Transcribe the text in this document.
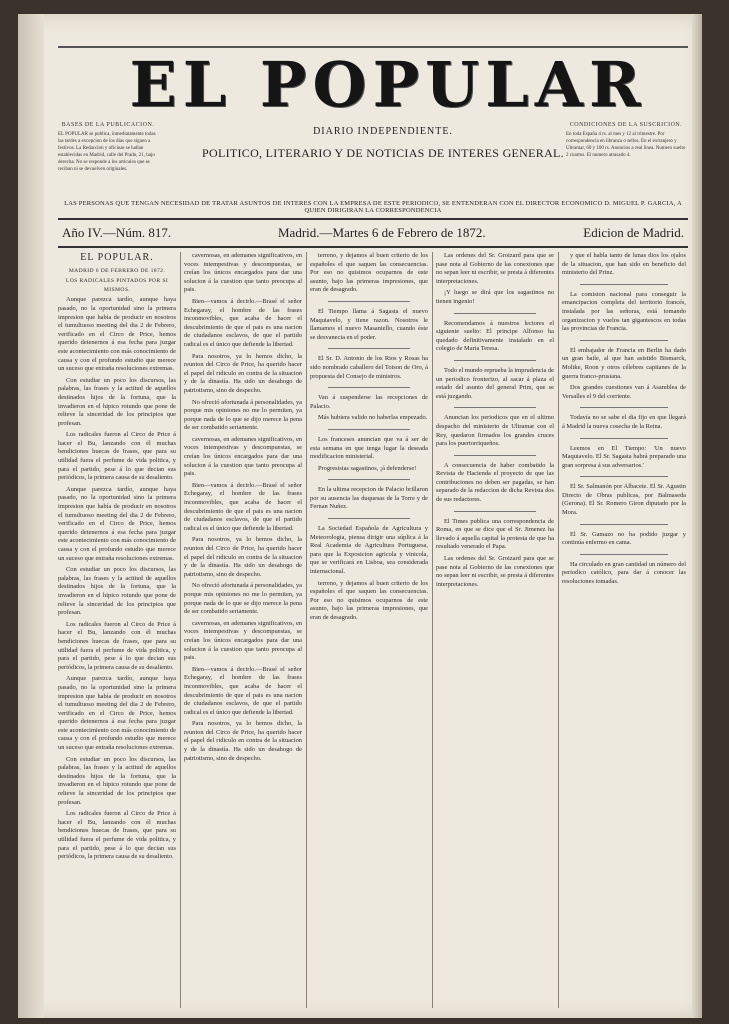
EL POPULAR
DIARIO INDEPENDIENTE.
POLITICO, LITERARIO Y DE NOTICIAS DE INTERES GENERAL.
BASES DE LA PUBLICACION.
EL POPULAR se publica, inmediatamente todas las tardes a excepcion de los dias que siguen a festivos. La Redaccion y oficinas se hallan establecidas en Madrid, calle del Prado, 21, bajo derecha. No se responde a los articulos que se reciban ni se devuelven originales.
CONDICIONES DE LA SUSCRICION.
En toda España 4 rs. al mes y 12 al trimestre. Por correspondencia en libranza o sellos. En el extranjero y Ultramar, 60 y 100 rs. Anuncios a real linea. Numero suelto 2 cuartos. El numero atrasado 4.
LAS PERSONAS QUE TENGAN NECESIDAD DE TRATAR ASUNTOS DE INTERES CON LA EMPRESA DE ESTE PERIODICO, SE ENTENDERAN CON EL DIRECTOR ECONOMICO D. MIGUEL P. GARCIA, A QUIEN DIRIGIRAN LA CORRESPONDENCIA
Año IV.—Núm. 817.	Madrid.—Martes 6 de Febrero de 1872.	Edicion de Madrid.
EL POPULAR.

MADRID 6 DE FEBRERO DE 1872.

LOS RADICALES PINTADOS POR SI MISMOS.

Aunque parezca tardío, aunque haya pasado, no la oportunidad sino la primera impresion que había de producir en nosotros el tumultuoso meeting del dia 2 de Febrero, verificado en el Circo de Price, hemos querido detenernos á esa fecha para juzgar este acontecimiento con más conocimiento de causa y con el profundo estudio que merece un suceso que entraña resoluciones extremas.

Con estudiar un poco los discursos, las palabras, las frases y la actitud de aquellos destinados hijos de la fortuna, que la invadieron en el hipico rotundo que pone de relieve la sinceridad de los principios que profesan.

Los radicales fueron al Circo de Price á hacer el Bu, lanzando con él muchas bendiciones huecas de frases, que para su utilidad fuera el perfume de vida politica, y para el partido, pese á lo que decian sus periódicos, la primera causa de su desaliento.

Aunque parezca tardío, aunque haya pasado, no la oportunidad sino la primera impresion que había de producir en nosotros el tumultuoso meeting del dia 2 de Febrero, verificado en el Circo de Price, hemos querido detenernos á esa fecha para juzgar este acontecimiento con más conocimiento de causa y con el profundo estudio que merece un suceso que entraña resoluciones extremas.

Con estudiar un poco los discursos, las palabras, las frases y la actitud de aquellos destinados hijos de la fortuna, que la invadieron en el hipico rotundo que pone de relieve la sinceridad de los principios que profesan.

Los radicales fueron al Circo de Price á hacer el Bu, lanzando con él muchas bendiciones huecas de frases, que para su utilidad fuera el perfume de vida politica, y para el partido, pese á lo que decian sus periódicos, la primera causa de su desaliento.

Aunque parezca tardío, aunque haya pasado, no la oportunidad sino la primera impresion que había de producir en nosotros el tumultuoso meeting del dia 2 de Febrero, verificado en el Circo de Price, hemos querido detenernos á esa fecha para juzgar este acontecimiento con más conocimiento de causa y con el profundo estudio que merece un suceso que entraña resoluciones extremas.

Con estudiar un poco los discursos, las palabras, las frases y la actitud de aquellos destinados hijos de la fortuna, que la invadieron en el hipico rotundo que pone de relieve la sinceridad de los principios que profesan.

Los radicales fueron al Circo de Price á hacer el Bu, lanzando con él muchas bendiciones huecas de frases, que para su utilidad fuera el perfume de vida politica, y para el partido, pese á lo que decian sus periódicos, la primera causa de su desaliento.

cavernosas, en ademanes significativos, en voces intempestivas y descompuestas, se creían los únicos encargados para dar una solucion á la cuestion que tanto preocupa al pais.

Bien—vamos á decirlo.—Brasé el señor Echegaray, el hombre de las frases inconmovibles, que acaba de hacer el descubrimiento de que el pais es una nacion de ciudadanos esclavos, de que el partido radical es el único que defiende la libertad.

Para nosotros, ya lo hemos dicho, la reunion del Circo de Price, ha querido hacer el papel del ridiculo en contra de la situacion y de la dinastía. Ha sido un desahogo de patriotismo, sino de despecho.

No ofreció afortunada á personalidades, ya porque mis opiniones no me lo permiten, ya porque nada de lo que se dijo merece la pena de ser combatido seriamente.

cavernosas, en ademanes significativos, en voces intempestivas y descompuestas, se creían los únicos encargados para dar una solucion á la cuestion que tanto preocupa al pais.

Bien—vamos á decirlo.—Brasé el señor Echegaray, el hombre de las frases inconmovibles, que acaba de hacer el descubrimiento de que el pais es una nacion de ciudadanos esclavos, de que el partido radical es el único que defiende la libertad.

Para nosotros, ya lo hemos dicho, la reunion del Circo de Price, ha querido hacer el papel del ridiculo en contra de la situacion y de la dinastía. Ha sido un desahogo de patriotismo, sino de despecho.

No ofreció afortunada á personalidades, ya porque mis opiniones no me lo permiten, ya porque nada de lo que se dijo merece la pena de ser combatido seriamente.

cavernosas, en ademanes significativos, en voces intempestivas y descompuestas, se creían los únicos encargados para dar una solucion á la cuestion que tanto preocupa al pais.

Bien—vamos á decirlo.—Brasé el señor Echegaray, el hombre de las frases inconmovibles, que acaba de hacer el descubrimiento de que el pais es una nacion de ciudadanos esclavos, de que el partido radical es el único que defiende la libertad.

Para nosotros, ya lo hemos dicho, la reunion del Circo de Price, ha querido hacer el papel del ridiculo en contra de la situacion y de la dinastía. Ha sido un desahogo de patriotismo, sino de despecho.

terreno, y dejamos al buen criterio de los españoles el que saquen las consecuencias. Por eso no quisimos ocuparnos de este asunto, bajo las primeras impresiones, que eran de desagrado.

El Tiempo llama á Sagasta el nuevo Maquiavelo, y tiene razon. Nosotros le llamamos el nuevo Masaniello, cuando éste se desvanecia en el poder.

El Sr. D. Antonio de los Rios y Rosas ha sido nombrado caballero del Toison de Oro, á propuesta del Consejo de ministros.

Van á suspenderse las recepciones de Palacio.

Más hubiera valido no haberlas empezado.

Los franceses anuncian que va á ser de esta semana en que tenga lugar la deseada modificacion ministerial.

Progresistas sagastinos, ¡á defenderse!

En la ultima recepcion de Palacio brillaron por su ausencia las duquesas de la Torre y de Fernan Nuñez.

La Sociedad Española de Agricultura y Meteorologia, piensa dirigir una súplica á la Real Academia de Agricultura Portuguesa, para que la Exposicion agricola y vinicola, que se verificará en Lisboa, sea considerada internacional.

terreno, y dejamos al buen criterio de los españoles el que saquen las consecuencias. Por eso no quisimos ocuparnos de este asunto, bajo las primeras impresiones, que eran de desagrado.

Las ordenes del Sr. Groizard para que se pase nota al Gobierno de las conexiones que no sepan leer ni escribir, se presta á diferentes interpretaciones.

¡Y luego se dirá que los sagastinos no tienen ingenio!

Recomendamos á nuestros lectores el siguiente suelto: El principe Alfonso ha quedado definitivamente instalado en el colegio de Maria Teresa.

Todo el mundo reprueba la imprudencia de un periodico fronterizo, al sacar á plaza el estado del asunto del general Prim, que se está juzgando.

Anuncian los periodicos que en el ultimo despacho del ministerio de Ultramar con el Rey, quedaron firmados los grandes cruces para los puertorriqueños.

A consecuencia de haber combatido la Revista de Hacienda el proyecto de que las contribuciones no deben ser pagadas, se han separado de la redaccion de dicha Revista dos de sus redactores.

El Times publica una correspondencia de Roma, en que se dice que el Sr. Jimenez ha llevado á aquella capital la protesta de que ha resultado venerado el Papa.

Las ordenes del Sr. Groizard para que se pase nota al Gobierno de las conexiones que no sepan leer ni escribir, se presta á diferentes interpretaciones.

y que el habla tanto de lunas dios los ojalos de la situacion, que han sido en beneficio del ministerio del Prinz.

La comision nacional para conseguir la emancipacion completa del territorio francés, instalada por las señoras, está tomando organizacion y vuelos tan gigantescos en todas las provincias de Francia.

El embajador de Francia en Berlin ha dado un gran baile, al que han asistido Bismarck, Moltke, Roon y otros célebres capitanes de la guerra franco-prusiana.

Dos grandes cuestiones van á Asamblea de Versalles el 9 del corriente.

Todavía no se sabe el dia fijo en que llegará á Madrid la nueva cosecha de la Reina.

Leemos en El Tiempo: 'Un nuevo Maquiavelo. El Sr. Sagasta habrá preparado una gran sorpresa á sus adversarios.'

El Sr. Salmanón por Albacete. El Sr. Agustin Directo de Obras publicas, por Balmaseda (Gerona). El Sr. Romero Giron diputado por la Mora.

El Sr. Gamazo no ha podido juzgar y continúa enfermo en cama.

Ha circulado en gran cantidad un número del periodico católico, para dar á conocer las resoluciones tomadas.
